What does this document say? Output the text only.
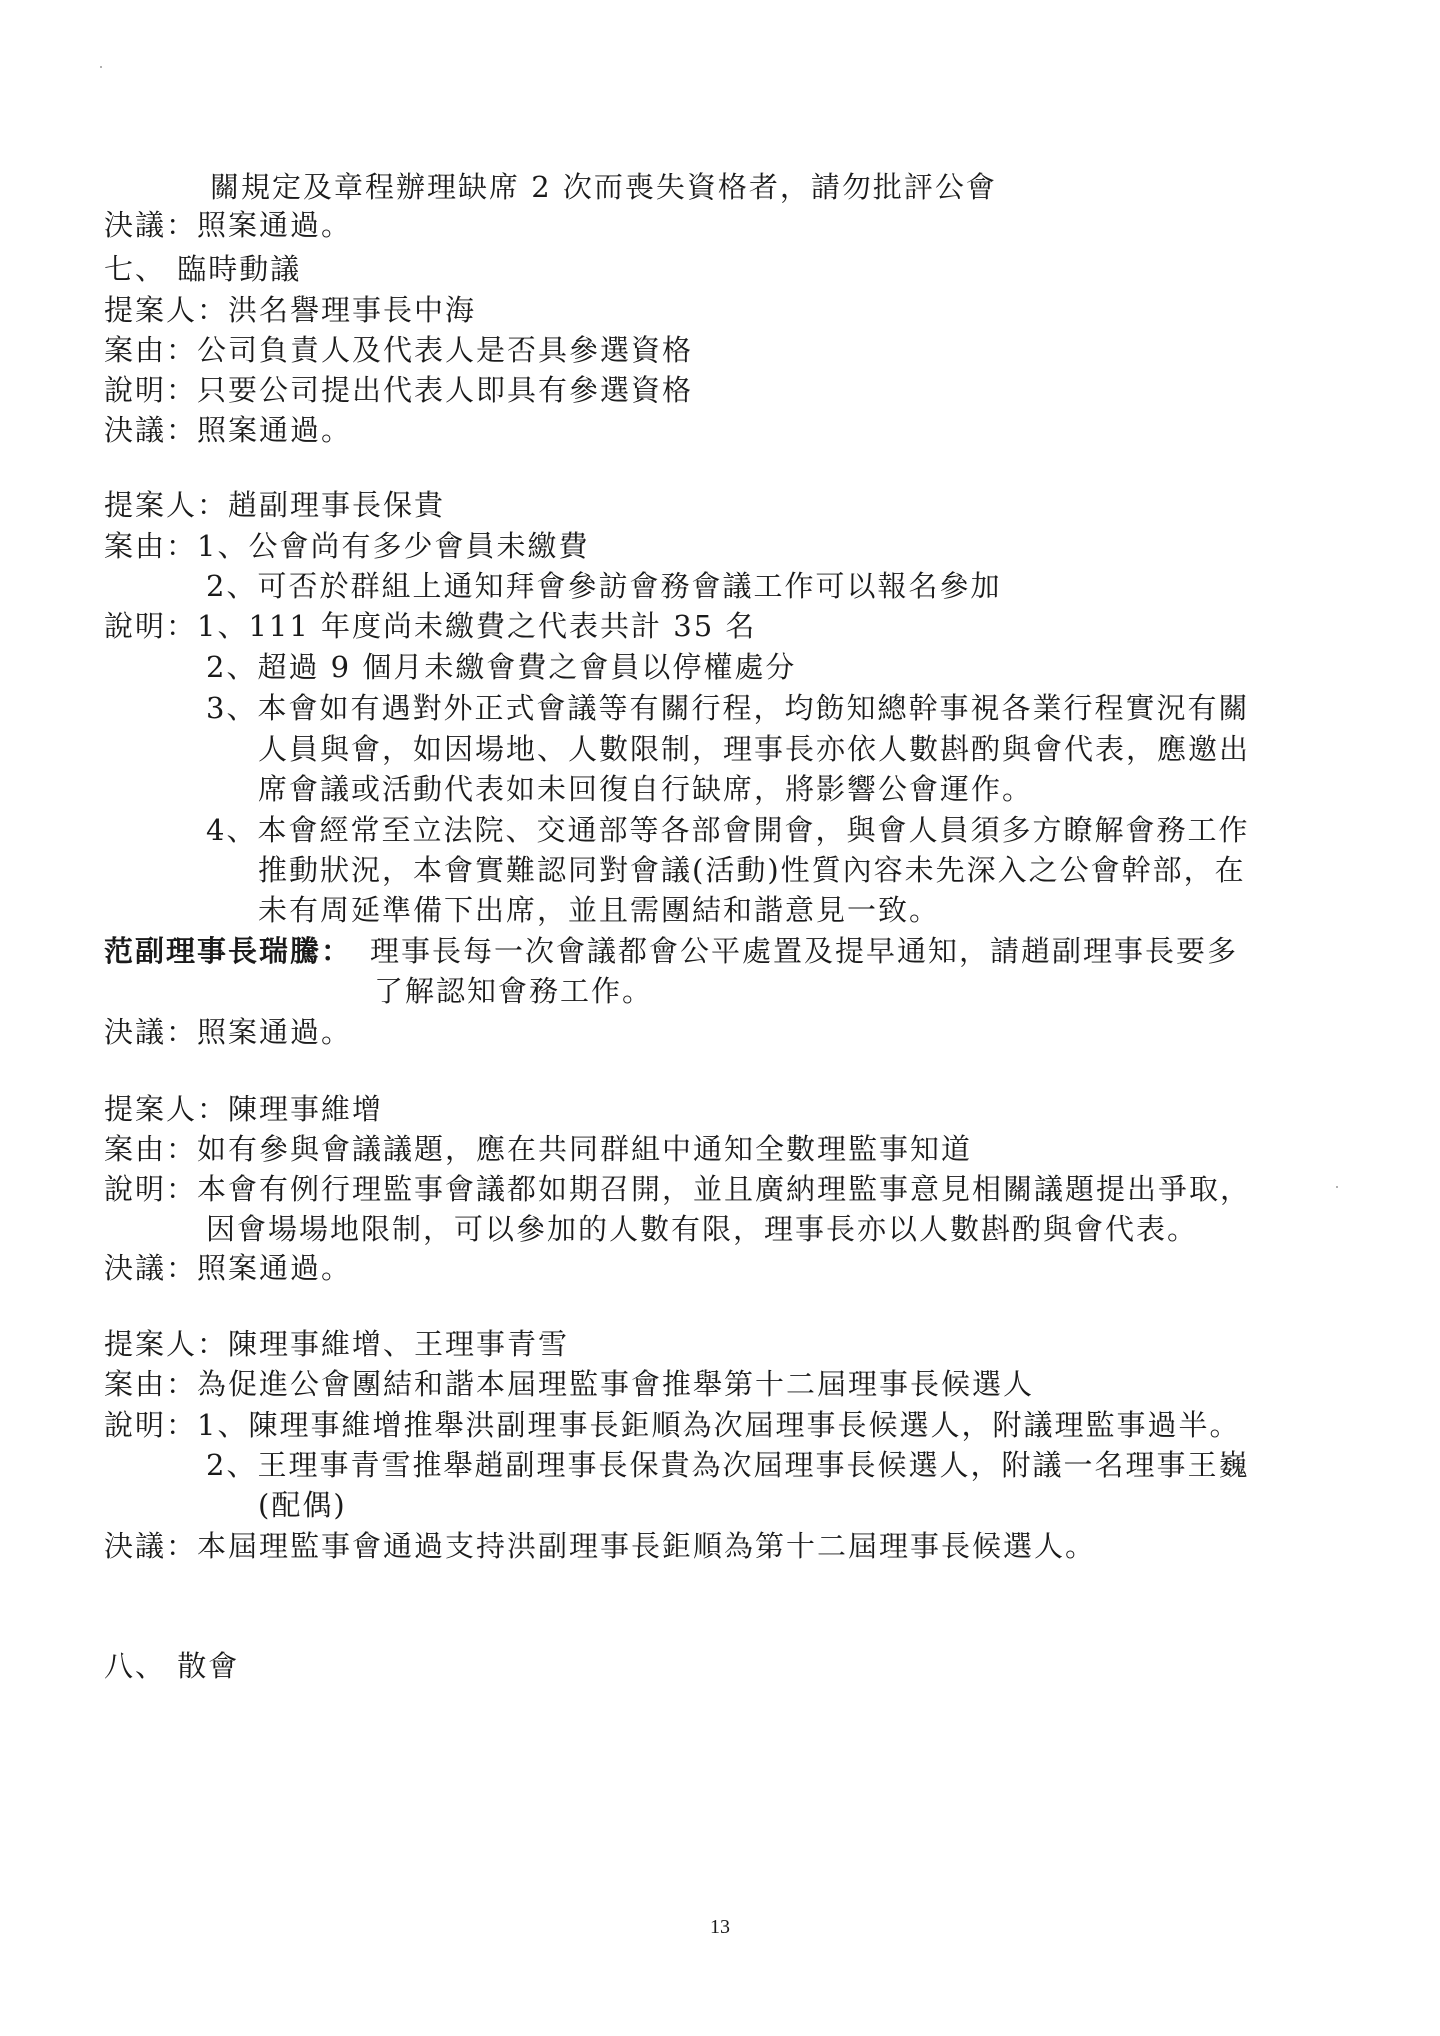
關規定及章程辦理缺席 2 次而喪失資格者，請勿批評公會
決議：照案通過。
七、 臨時動議
提案人：洪名譽理事長中海
案由：公司負責人及代表人是否具參選資格
說明：只要公司提出代表人即具有參選資格
決議：照案通過。
提案人：趙副理事長保貴
案由：1、公會尚有多少會員未繳費
2、可否於群組上通知拜會參訪會務會議工作可以報名參加
說明：1、111 年度尚未繳費之代表共計 35 名
2、超過 9 個月未繳會費之會員以停權處分
3、本會如有遇對外正式會議等有關行程，均飭知總幹事視各業行程實況有關
人員與會，如因場地、人數限制，理事長亦依人數斟酌與會代表，應邀出
席會議或活動代表如未回復自行缺席，將影響公會運作。
4、本會經常至立法院、交通部等各部會開會，與會人員須多方瞭解會務工作
推動狀況，本會實難認同對會議(活動)性質內容未先深入之公會幹部，在
未有周延準備下出席，並且需團結和諧意見一致。
范副理事長瑞騰： 理事長每一次會議都會公平處置及提早通知，請趙副理事長要多
了解認知會務工作。
決議：照案通過。
提案人：陳理事維增
案由：如有參與會議議題，應在共同群組中通知全數理監事知道
說明：本會有例行理監事會議都如期召開，並且廣納理監事意見相關議題提出爭取，
因會場場地限制，可以參加的人數有限，理事長亦以人數斟酌與會代表。
決議：照案通過。
提案人：陳理事維增、王理事青雪
案由：為促進公會團結和諧本屆理監事會推舉第十二屆理事長候選人
說明：1、陳理事維增推舉洪副理事長鉅順為次屆理事長候選人，附議理監事過半。
2、王理事青雪推舉趙副理事長保貴為次屆理事長候選人，附議一名理事王巍
(配偶)
決議：本屆理監事會通過支持洪副理事長鉅順為第十二屆理事長候選人。
八、 散會
13
